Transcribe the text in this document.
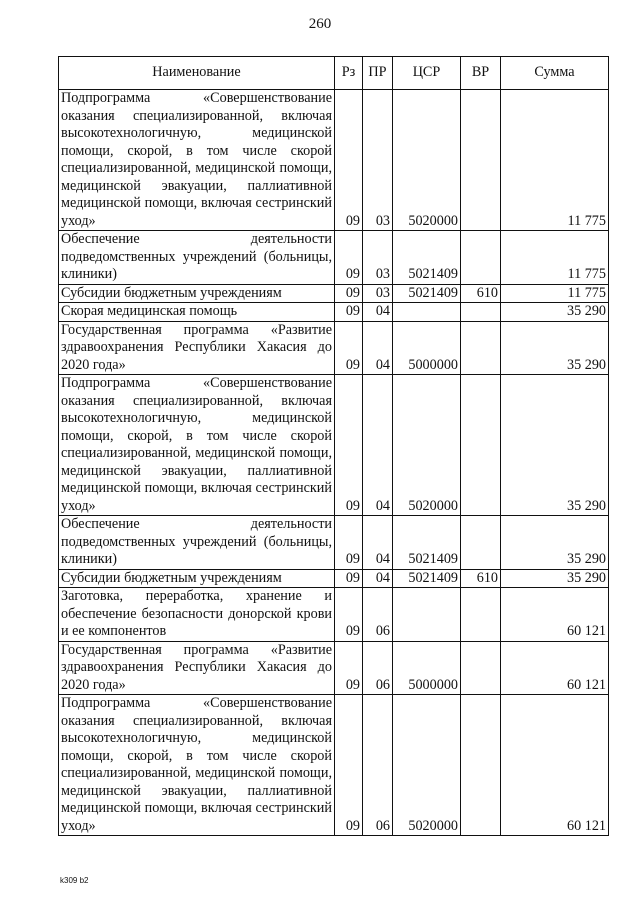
260
Наименование	Рз	ПР	ЦСР	ВР	Сумма
Подпрограмма «Совершенствование оказания специализированной, включая высокотехнологичную, медицинской помощи, скорой, в том числе скорой специализированной, медицинской помощи, медицинской эвакуации, паллиативной медицинской помощи, включая сестринский уход»	09	03	5020000		11 775
Обеспечение деятельности подведомственных учреждений (больницы, клиники)	09	03	5021409		11 775
Субсидии бюджетным учреждениям	09	03	5021409	610	11 775
Скорая медицинская помощь	09	04			35 290
Государственная программа «Развитие здравоохранения Республики Хакасия до 2020 года»	09	04	5000000		35 290
Подпрограмма «Совершенствование оказания специализированной, включая высокотехнологичную, медицинской помощи, скорой, в том числе скорой специализированной, медицинской помощи, медицинской эвакуации, паллиативной медицинской помощи, включая сестринский уход»	09	04	5020000		35 290
Обеспечение деятельности подведомственных учреждений (больницы, клиники)	09	04	5021409		35 290
Субсидии бюджетным учреждениям	09	04	5021409	610	35 290
Заготовка, переработка, хранение и обеспечение безопасности донорской крови и ее компонентов	09	06			60 121
Государственная программа «Развитие здравоохранения Республики Хакасия до 2020 года»	09	06	5000000		60 121
Подпрограмма «Совершенствование оказания специализированной, включая высокотехнологичную, медицинской помощи, скорой, в том числе скорой специализированной, медицинской помощи, медицинской эвакуации, паллиативной медицинской помощи, включая сестринский уход»	09	06	5020000		60 121
k309 b2
